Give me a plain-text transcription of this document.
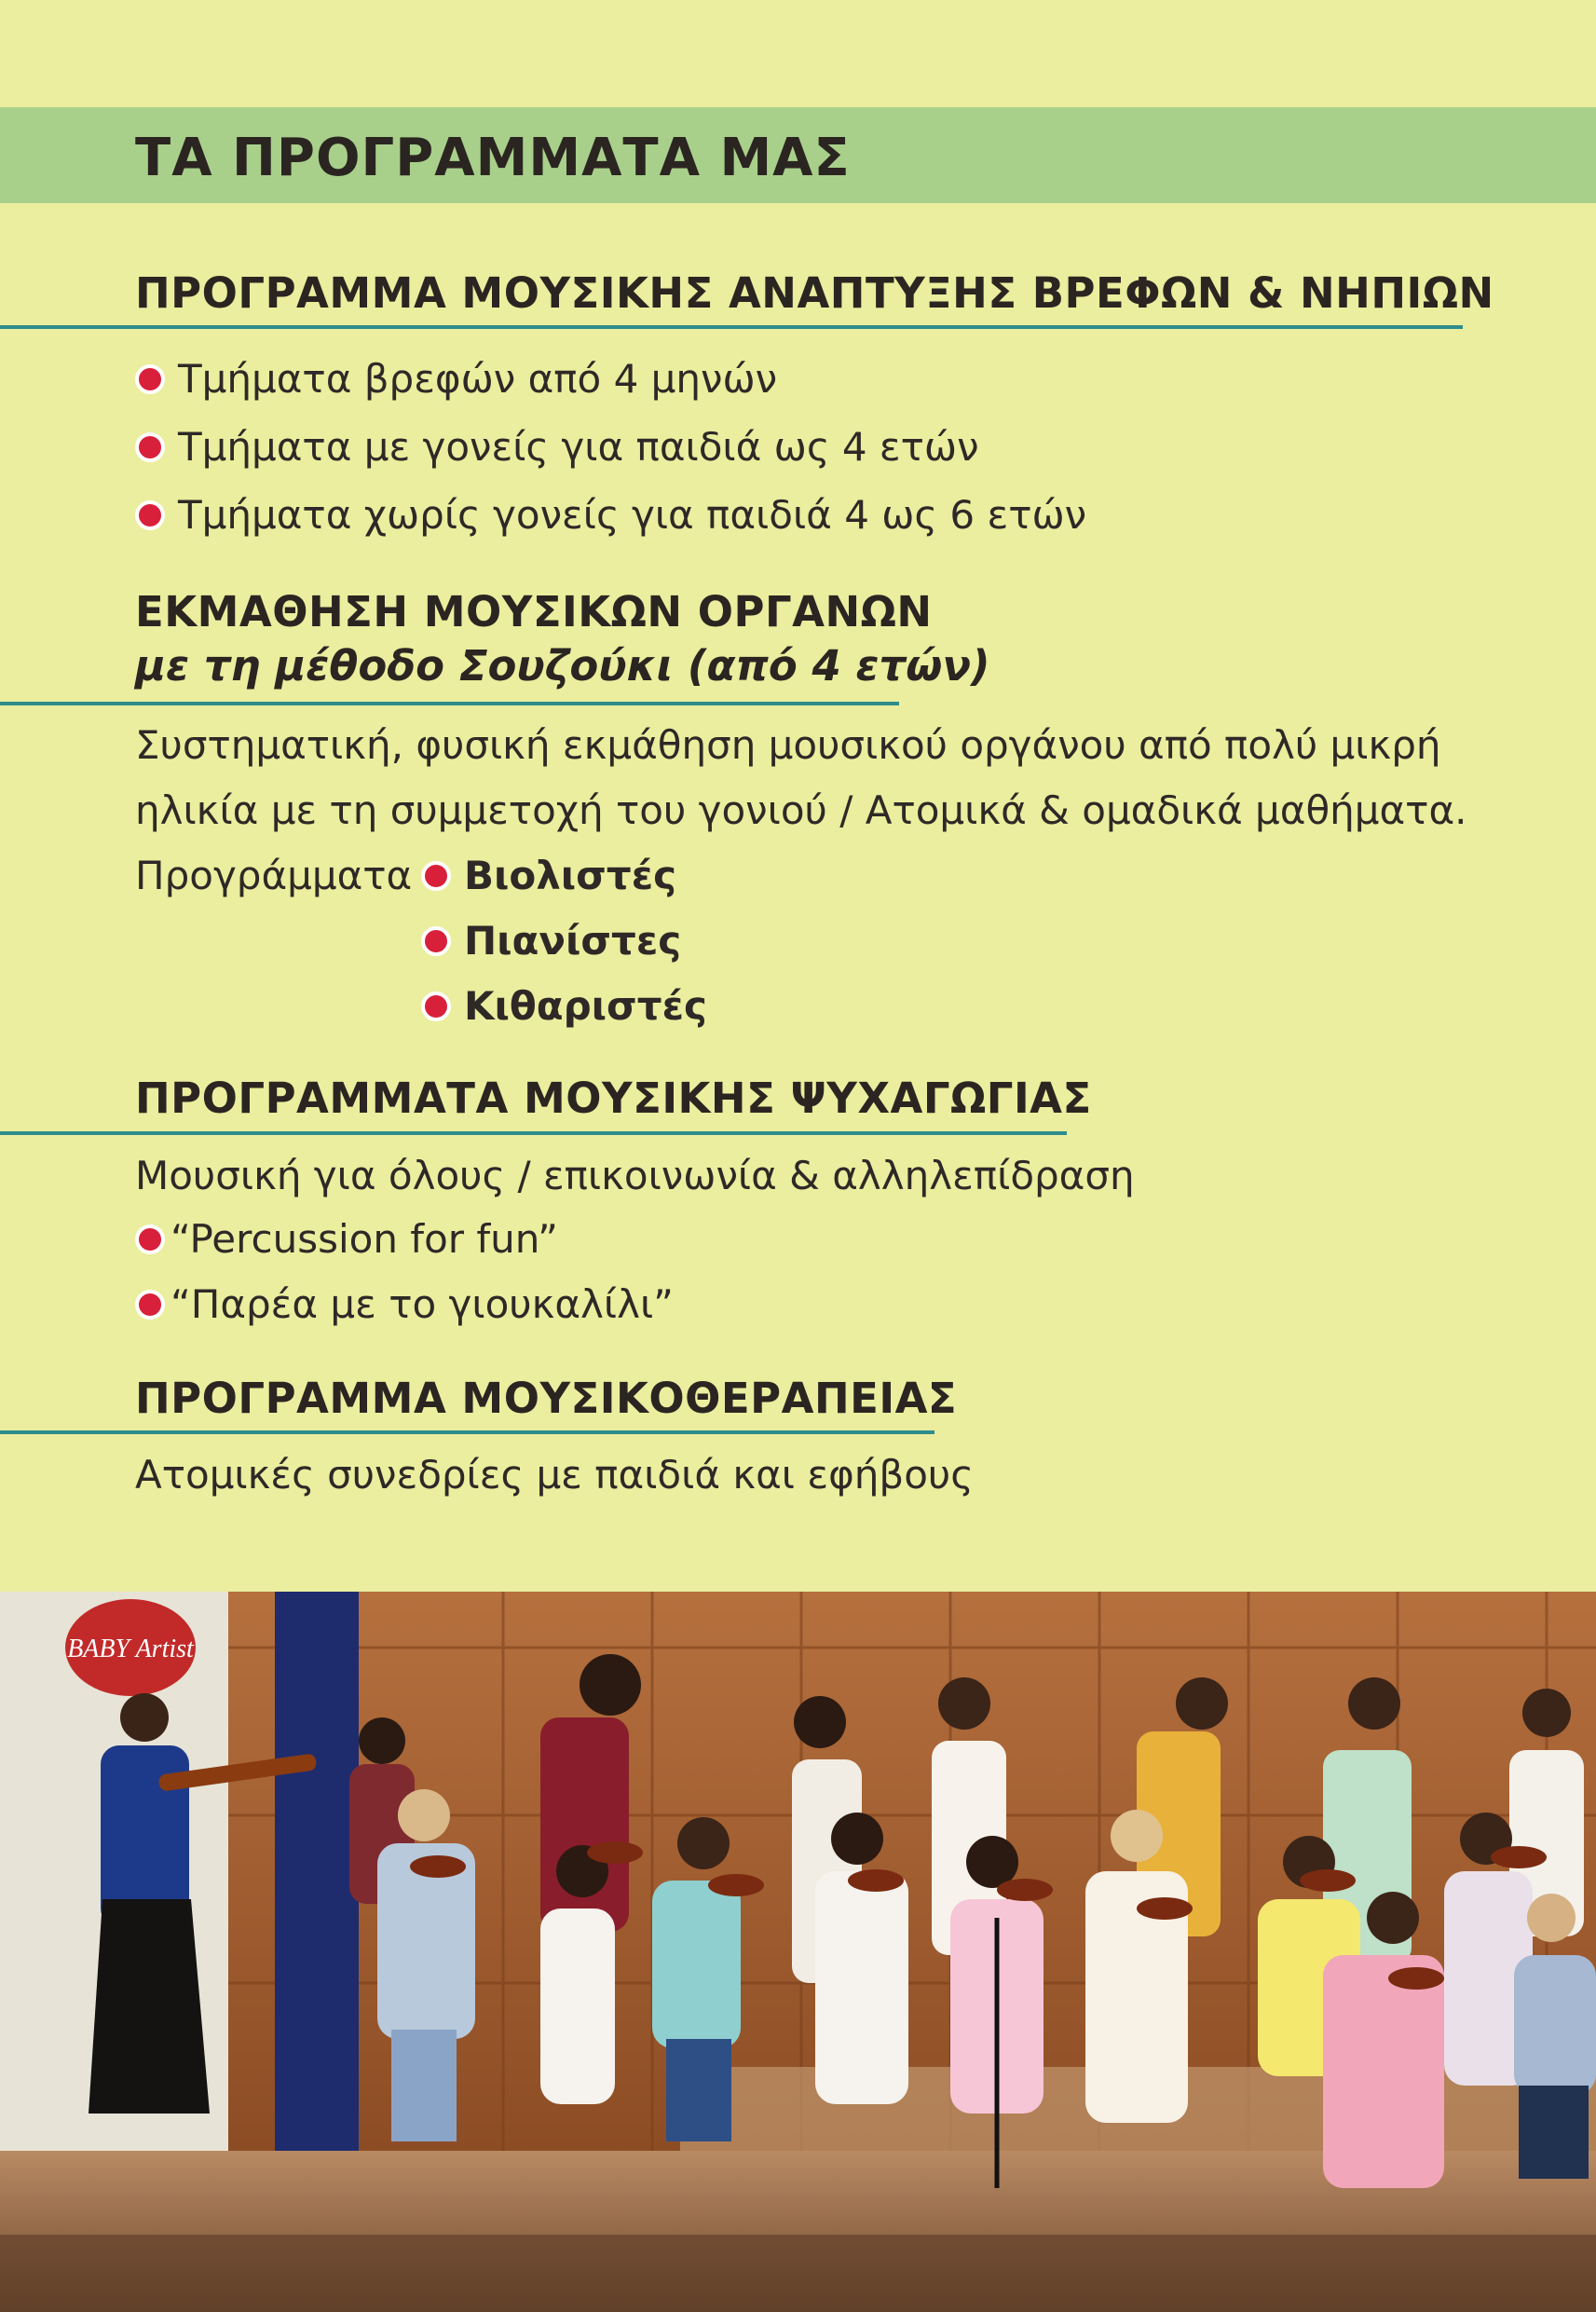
ΤΑ ΠΡΟΓΡΑΜΜΑΤΑ ΜΑΣ
ΠΡΟΓΡΑΜΜΑ ΜΟΥΣΙΚΗΣ ΑΝΑΠΤΥΞΗΣ ΒΡΕΦΩΝ & ΝΗΠΙΩΝ
Τμήματα βρεφών από 4 μηνών
Τμήματα με γονείς για παιδιά ως 4 ετών
Τμήματα χωρίς γονείς για παιδιά 4 ως 6 ετών
ΕΚΜΑΘΗΣΗ ΜΟΥΣΙΚΩΝ ΟΡΓΑΝΩΝ
με τη μέθοδο Σουζούκι (από 4 ετών)
Συστηματική, φυσική εκμάθηση μουσικού οργάνου από πολύ μικρή
ηλικία με τη συμμετοχή του γονιού / Ατομικά & ομαδικά μαθήματα.
Προγράμματα Βιολιστές
Πιανίστες
Κιθαριστές
ΠΡΟΓΡΑΜΜΑΤΑ ΜΟΥΣΙΚΗΣ ΨΥΧΑΓΩΓΙΑΣ
Μουσική για όλους / επικοινωνία & αλληλεπίδραση
“Percussion for fun”
“Παρέα με το γιουκαλίλι”
ΠΡΟΓΡΑΜΜΑ ΜΟΥΣΙΚΟΘΕΡΑΠΕΙΑΣ
Ατομικές συνεδρίες με παιδιά και εφήβους
BABY Artist
